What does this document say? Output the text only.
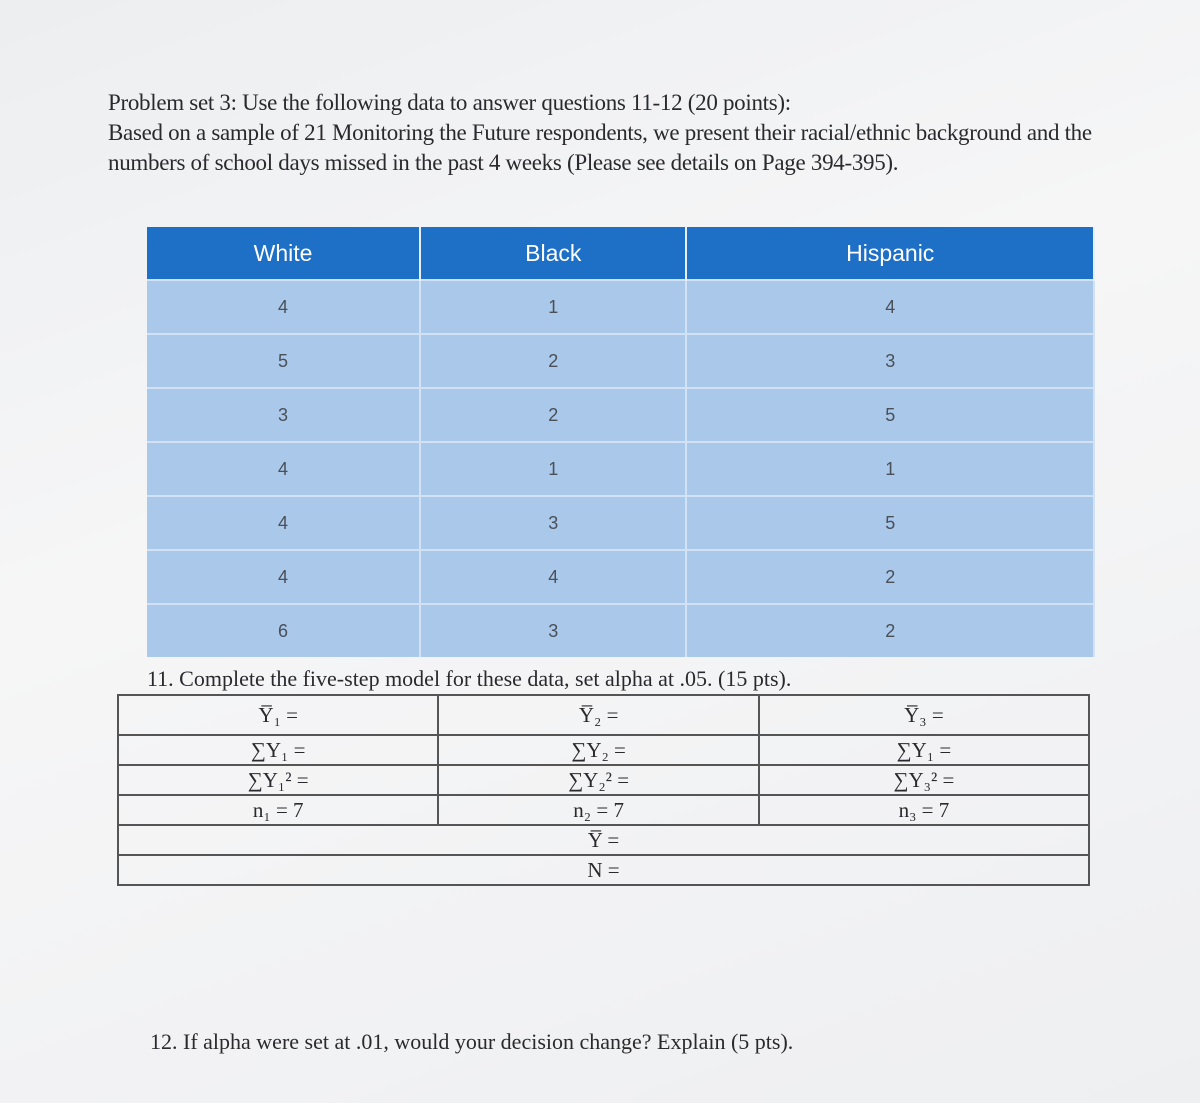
Problem set 3: Use the following data to answer questions 11-12 (20 points):
Based on a sample of 21 Monitoring the Future respondents, we present their racial/ethnic background and the numbers of school days missed in the past 4 weeks (Please see details on Page 394-395).
White	Black	Hispanic
4	1	4
5	2	3
3	2	5
4	1	1
4	3	5
4	4	2
6	3	2
11. Complete the five-step model for these data, set alpha at .05. (15 pts).
Y̅₁ =	Y̅₂ =	Y̅₃ =
∑Y₁ =	∑Y₂ =	∑Y₁ =
∑Y₁² =	∑Y₂² =	∑Y₃² =
n₁ = 7	n₂ = 7	n₃ = 7
Y̅ =		
N =		
12. If alpha were set at .01, would your decision change? Explain (5 pts).
